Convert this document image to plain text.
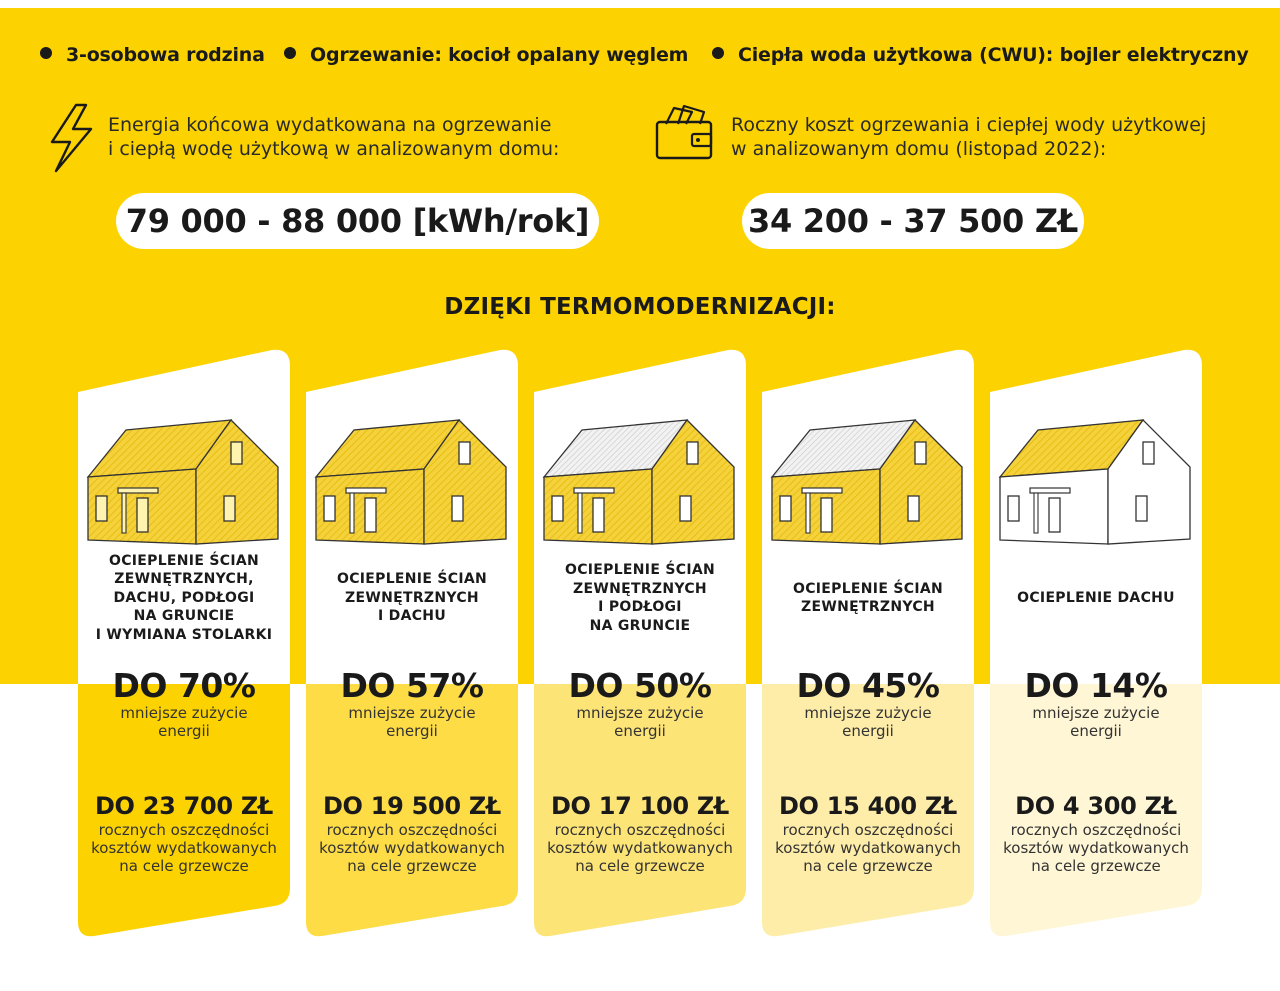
3-osobowa rodzina	Ogrzewanie: kocioł opalany węglem	Ciepła woda użytkowa (CWU): bojler elektryczny
Energia końcowa wydatkowana na ogrzewanie
i ciepłą wodę użytkową w analizowanym domu:
79 000 - 88 000 [kWh/rok]
Roczny koszt ogrzewania i ciepłej wody użytkowej
w analizowanym domu (listopad 2022):
34 200 - 37 500 ZŁ
DZIĘKI TERMOMODERNIZACJI:
OCIEPLENIE ŚCIAN
ZEWNĘTRZNYCH,
DACHU, PODŁOGI
NA GRUNCIE
I WYMIANA STOLARKI
DO 70%
mniejsze zużycie
energii
DO 23 700 ZŁ
rocznych oszczędności
kosztów wydatkowanych
na cele grzewcze
OCIEPLENIE ŚCIAN
ZEWNĘTRZNYCH
I DACHU
DO 57%
mniejsze zużycie
energii
DO 19 500 ZŁ
rocznych oszczędności
kosztów wydatkowanych
na cele grzewcze
OCIEPLENIE ŚCIAN
ZEWNĘTRZNYCH
I PODŁOGI
NA GRUNCIE
DO 50%
mniejsze zużycie
energii
DO 17 100 ZŁ
rocznych oszczędności
kosztów wydatkowanych
na cele grzewcze
OCIEPLENIE ŚCIAN
ZEWNĘTRZNYCH
DO 45%
mniejsze zużycie
energii
DO 15 400 ZŁ
rocznych oszczędności
kosztów wydatkowanych
na cele grzewcze
OCIEPLENIE DACHU
DO 14%
mniejsze zużycie
energii
DO 4 300 ZŁ
rocznych oszczędności
kosztów wydatkowanych
na cele grzewcze
